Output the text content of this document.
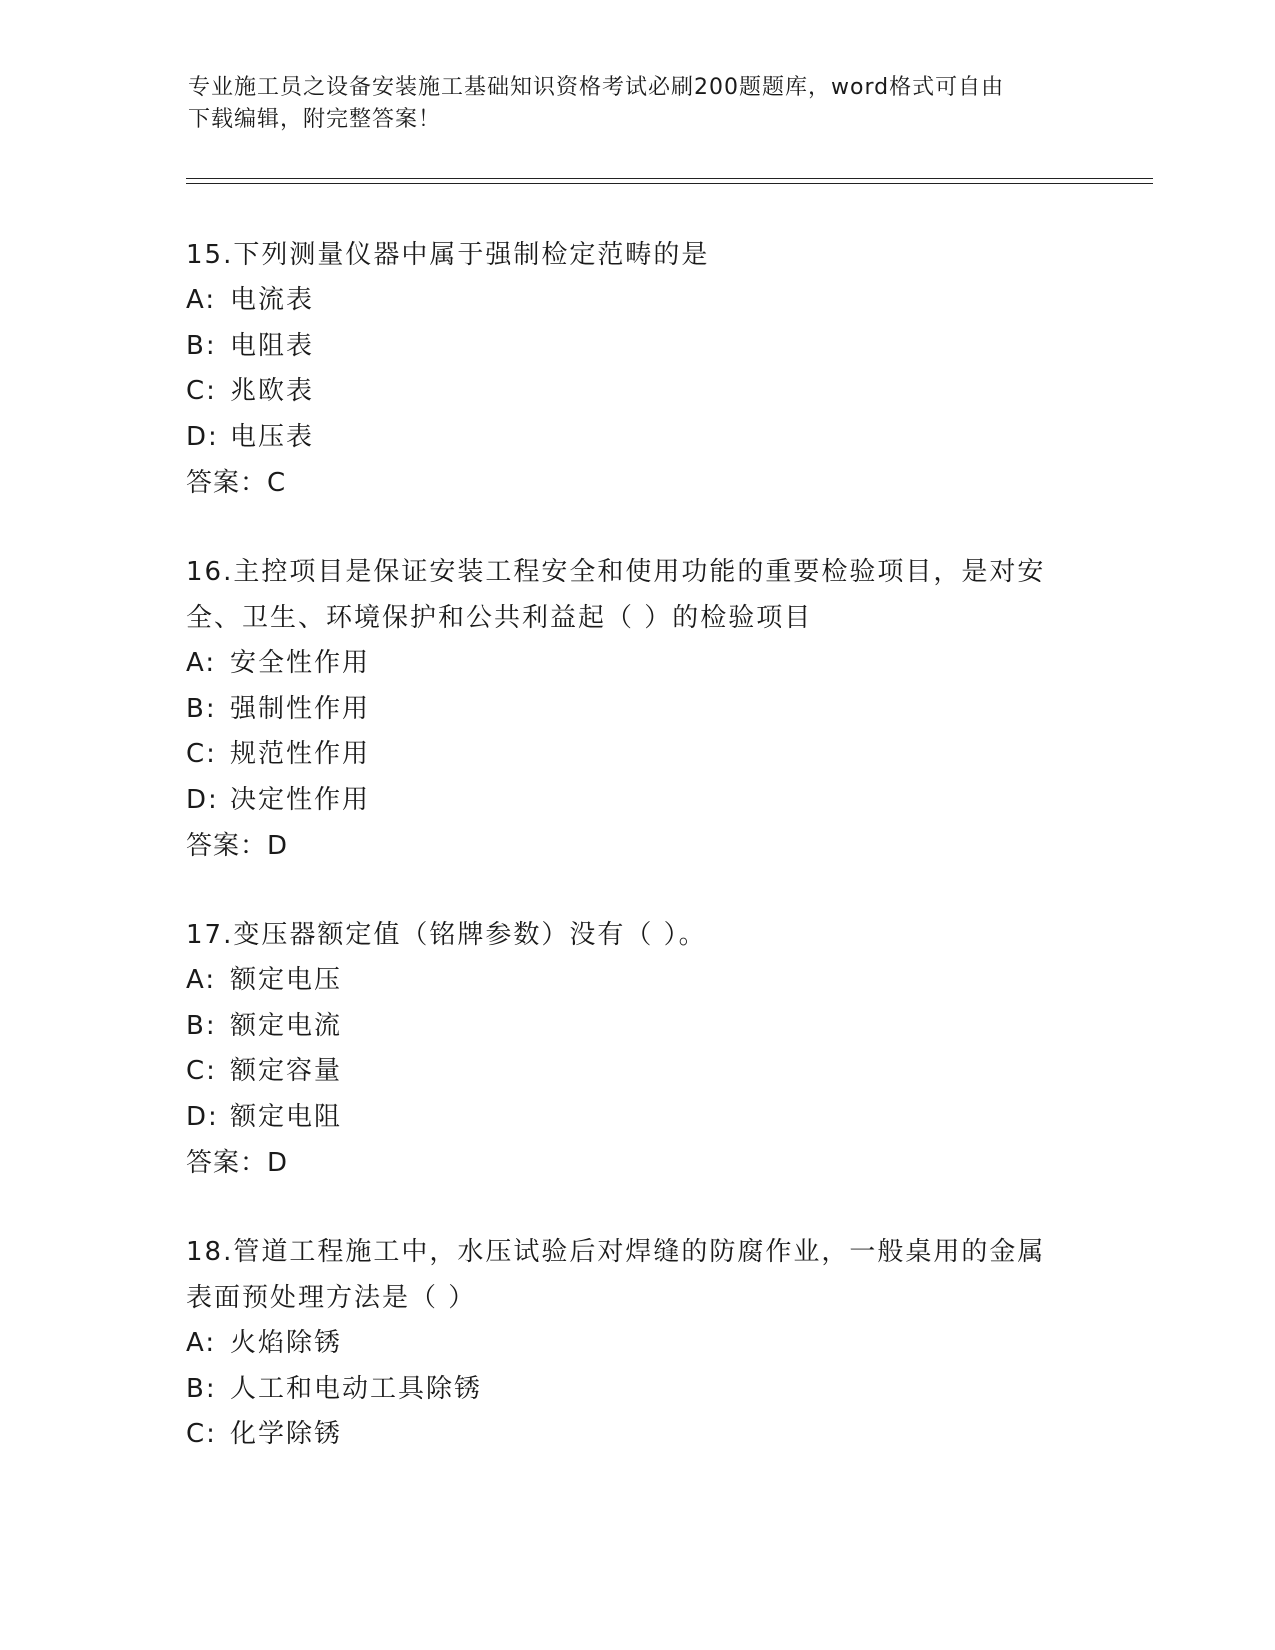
专业施工员之设备安装施工基础知识资格考试必刷200题题库，word格式可自由
下载编辑，附完整答案！

15.下列测量仪器中属于强制检定范畴的是

A: 电流表

B: 电阻表

C: 兆欧表

D: 电压表

答案：C

16.主控项目是保证安装工程安全和使用功能的重要检验项目，是对安

全、卫生、环境保护和公共利益起（ ）的检验项目

A: 安全性作用

B: 强制性作用

C: 规范性作用

D: 决定性作用

答案：D

17.变压器额定值（铭牌参数）没有（ ）。

A: 额定电压

B: 额定电流

C: 额定容量

D: 额定电阻

答案：D

18.管道工程施工中，水压试验后对焊缝的防腐作业，一般桌用的金属

表面预处理方法是（ ）

A: 火焰除锈

B: 人工和电动工具除锈

C: 化学除锈
